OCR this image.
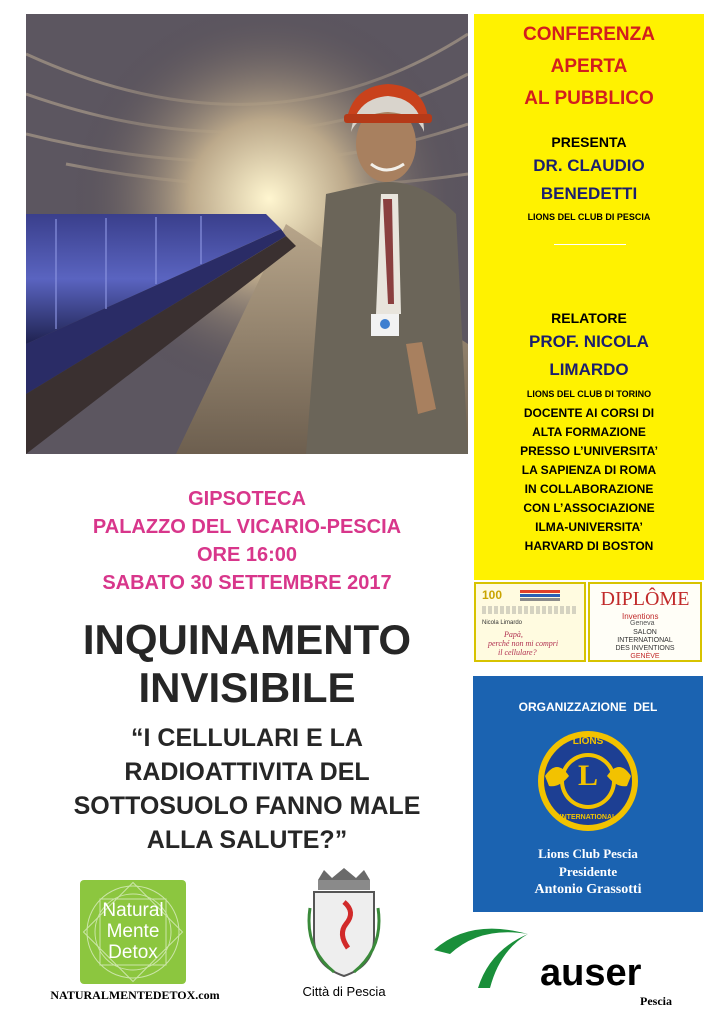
CONFERENZA
APERTA
AL PUBBLICO
PRESENTA
DR. CLAUDIO
BENEDETTI
LIONS DEL CLUB DI PESCIA
RELATORE
PROF. NICOLA
LIMARDO
LIONS DEL CLUB DI TORINO
DOCENTE AI CORSI DI
ALTA FORMAZIONE
PRESSO L’UNIVERSITA’
LA SAPIENZA DI ROMA
IN COLLABORAZIONE
CON L’ASSOCIAZIONE
ILMA-UNIVERSITA’
HARVARD DI BOSTON
100
Nicola Limardo
Papà,
perché non mi compri
il cellulare?
DIPLÔME
Inventions
Geneva
SALON
INTERNATIONAL
DES INVENTIONS
GENÈVE
ORGANIZZAZIONE  DEL
LIONS
L
INTERNATIONAL
Lions Club Pescia
Presidente
Antonio Grassotti
GIPSOTECA
PALAZZO DEL VICARIO-PESCIA
ORE 16:00
SABATO 30 SETTEMBRE 2017
INQUINAMENTO
INVISIBILE
“I CELLULARI E LA
RADIOATTIVITA DEL
SOTTOSUOLO FANNO MALE
ALLA SALUTE?”
Natural
Mente
Detox
NATURALMENTEDETOX.com	Città di Pescia	auser
Pescia
